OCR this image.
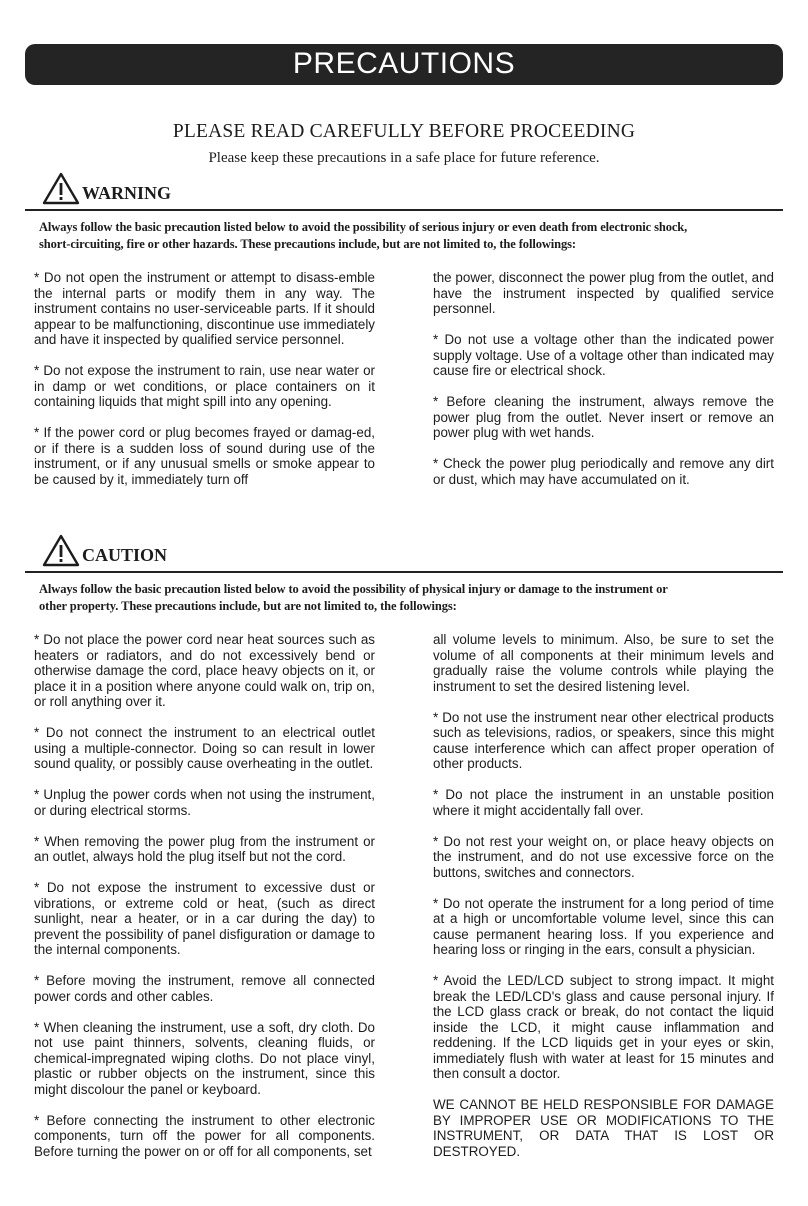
PRECAUTIONS
PLEASE READ CAREFULLY BEFORE PROCEEDING
Please keep these precautions in a safe place for future reference.
WARNING
Always follow the basic precaution listed below to avoid the possibility of serious injury or even death from electronic shock,
short-circuiting, fire or other hazards. These precautions include, but are not limited to, the followings:

* Do not open the instrument or attempt to disass-emble the internal parts or modify them in any way. The instrument contains no user-serviceable parts. If it should appear to be malfunctioning, discontinue use immediately and have it inspected by qualified service personnel.

* Do not expose the instrument to rain, use near water or in damp or wet conditions, or place containers on it containing liquids that might spill into any opening.

* If the power cord or plug becomes frayed or damag-ed, or if there is a sudden loss of sound during use of the instrument, or if any unusual smells or smoke appear to be caused by it, immediately turn off

the power, disconnect the power plug from the outlet, and have the instrument inspected by qualified service personnel.

* Do not use a voltage other than the indicated power supply voltage. Use of a voltage other than indicated may cause fire or electrical shock.

* Before cleaning the instrument, always remove the power plug from the outlet. Never insert or remove an power plug with wet hands.

* Check the power plug periodically and remove any dirt or dust, which may have accumulated on it.

CAUTION
Always follow the basic precaution listed below to avoid the possibility of physical injury or damage to the instrument or
other property. These precautions include, but are not limited to, the followings:

* Do not place the power cord near heat sources such as heaters or radiators, and do not excessively bend or otherwise damage the cord, place heavy objects on it, or place it in a position where anyone could walk on, trip on, or roll anything over it.

* Do not connect the instrument to an electrical outlet using a multiple-connector. Doing so can result in lower sound quality, or possibly cause overheating in the outlet.

* Unplug the power cords when not using the instrument, or during electrical storms.

* When removing the power plug from the instrument or an outlet, always hold the plug itself but not the cord.

* Do not expose the instrument to excessive dust or vibrations, or extreme cold or heat, (such as direct sunlight, near a heater, or in a car during the day) to prevent the possibility of panel disfiguration or damage to the internal components.

* Before moving the instrument, remove all connected power cords and other cables.

* When cleaning the instrument, use a soft, dry cloth. Do not use paint thinners, solvents, cleaning fluids, or chemical-impregnated wiping cloths. Do not place vinyl, plastic or rubber objects on the instrument, since this might discolour the panel or keyboard.

* Before connecting the instrument to other electronic components, turn off the power for all components. Before turning the power on or off for all components, set

all volume levels to minimum. Also, be sure to set the volume of all components at their minimum levels and gradually raise the volume controls while playing the instrument to set the desired listening level.

* Do not use the instrument near other electrical products such as televisions, radios, or speakers, since this might cause interference which can affect proper operation of other products.

* Do not place the instrument in an unstable position where it might accidentally fall over.

* Do not rest your weight on, or place heavy objects on the instrument, and do not use excessive force on the buttons, switches and connectors.

* Do not operate the instrument for a long period of time at a high or uncomfortable volume level, since this can cause permanent hearing loss. If you experience and hearing loss or ringing in the ears, consult a physician.

* Avoid the LED/LCD subject to strong impact. It might break the LED/LCD's glass and cause personal injury. If the LCD glass crack or break, do not contact the liquid inside the LCD, it might cause inflammation and reddening. If the LCD liquids get in your eyes or skin, immediately flush with water at least for 15 minutes and then consult a doctor.

WE CANNOT BE HELD RESPONSIBLE FOR DAMAGE BY IMPROPER USE OR MODIFICATIONS TO THE INSTRUMENT, OR DATA THAT IS LOST OR DESTROYED.
